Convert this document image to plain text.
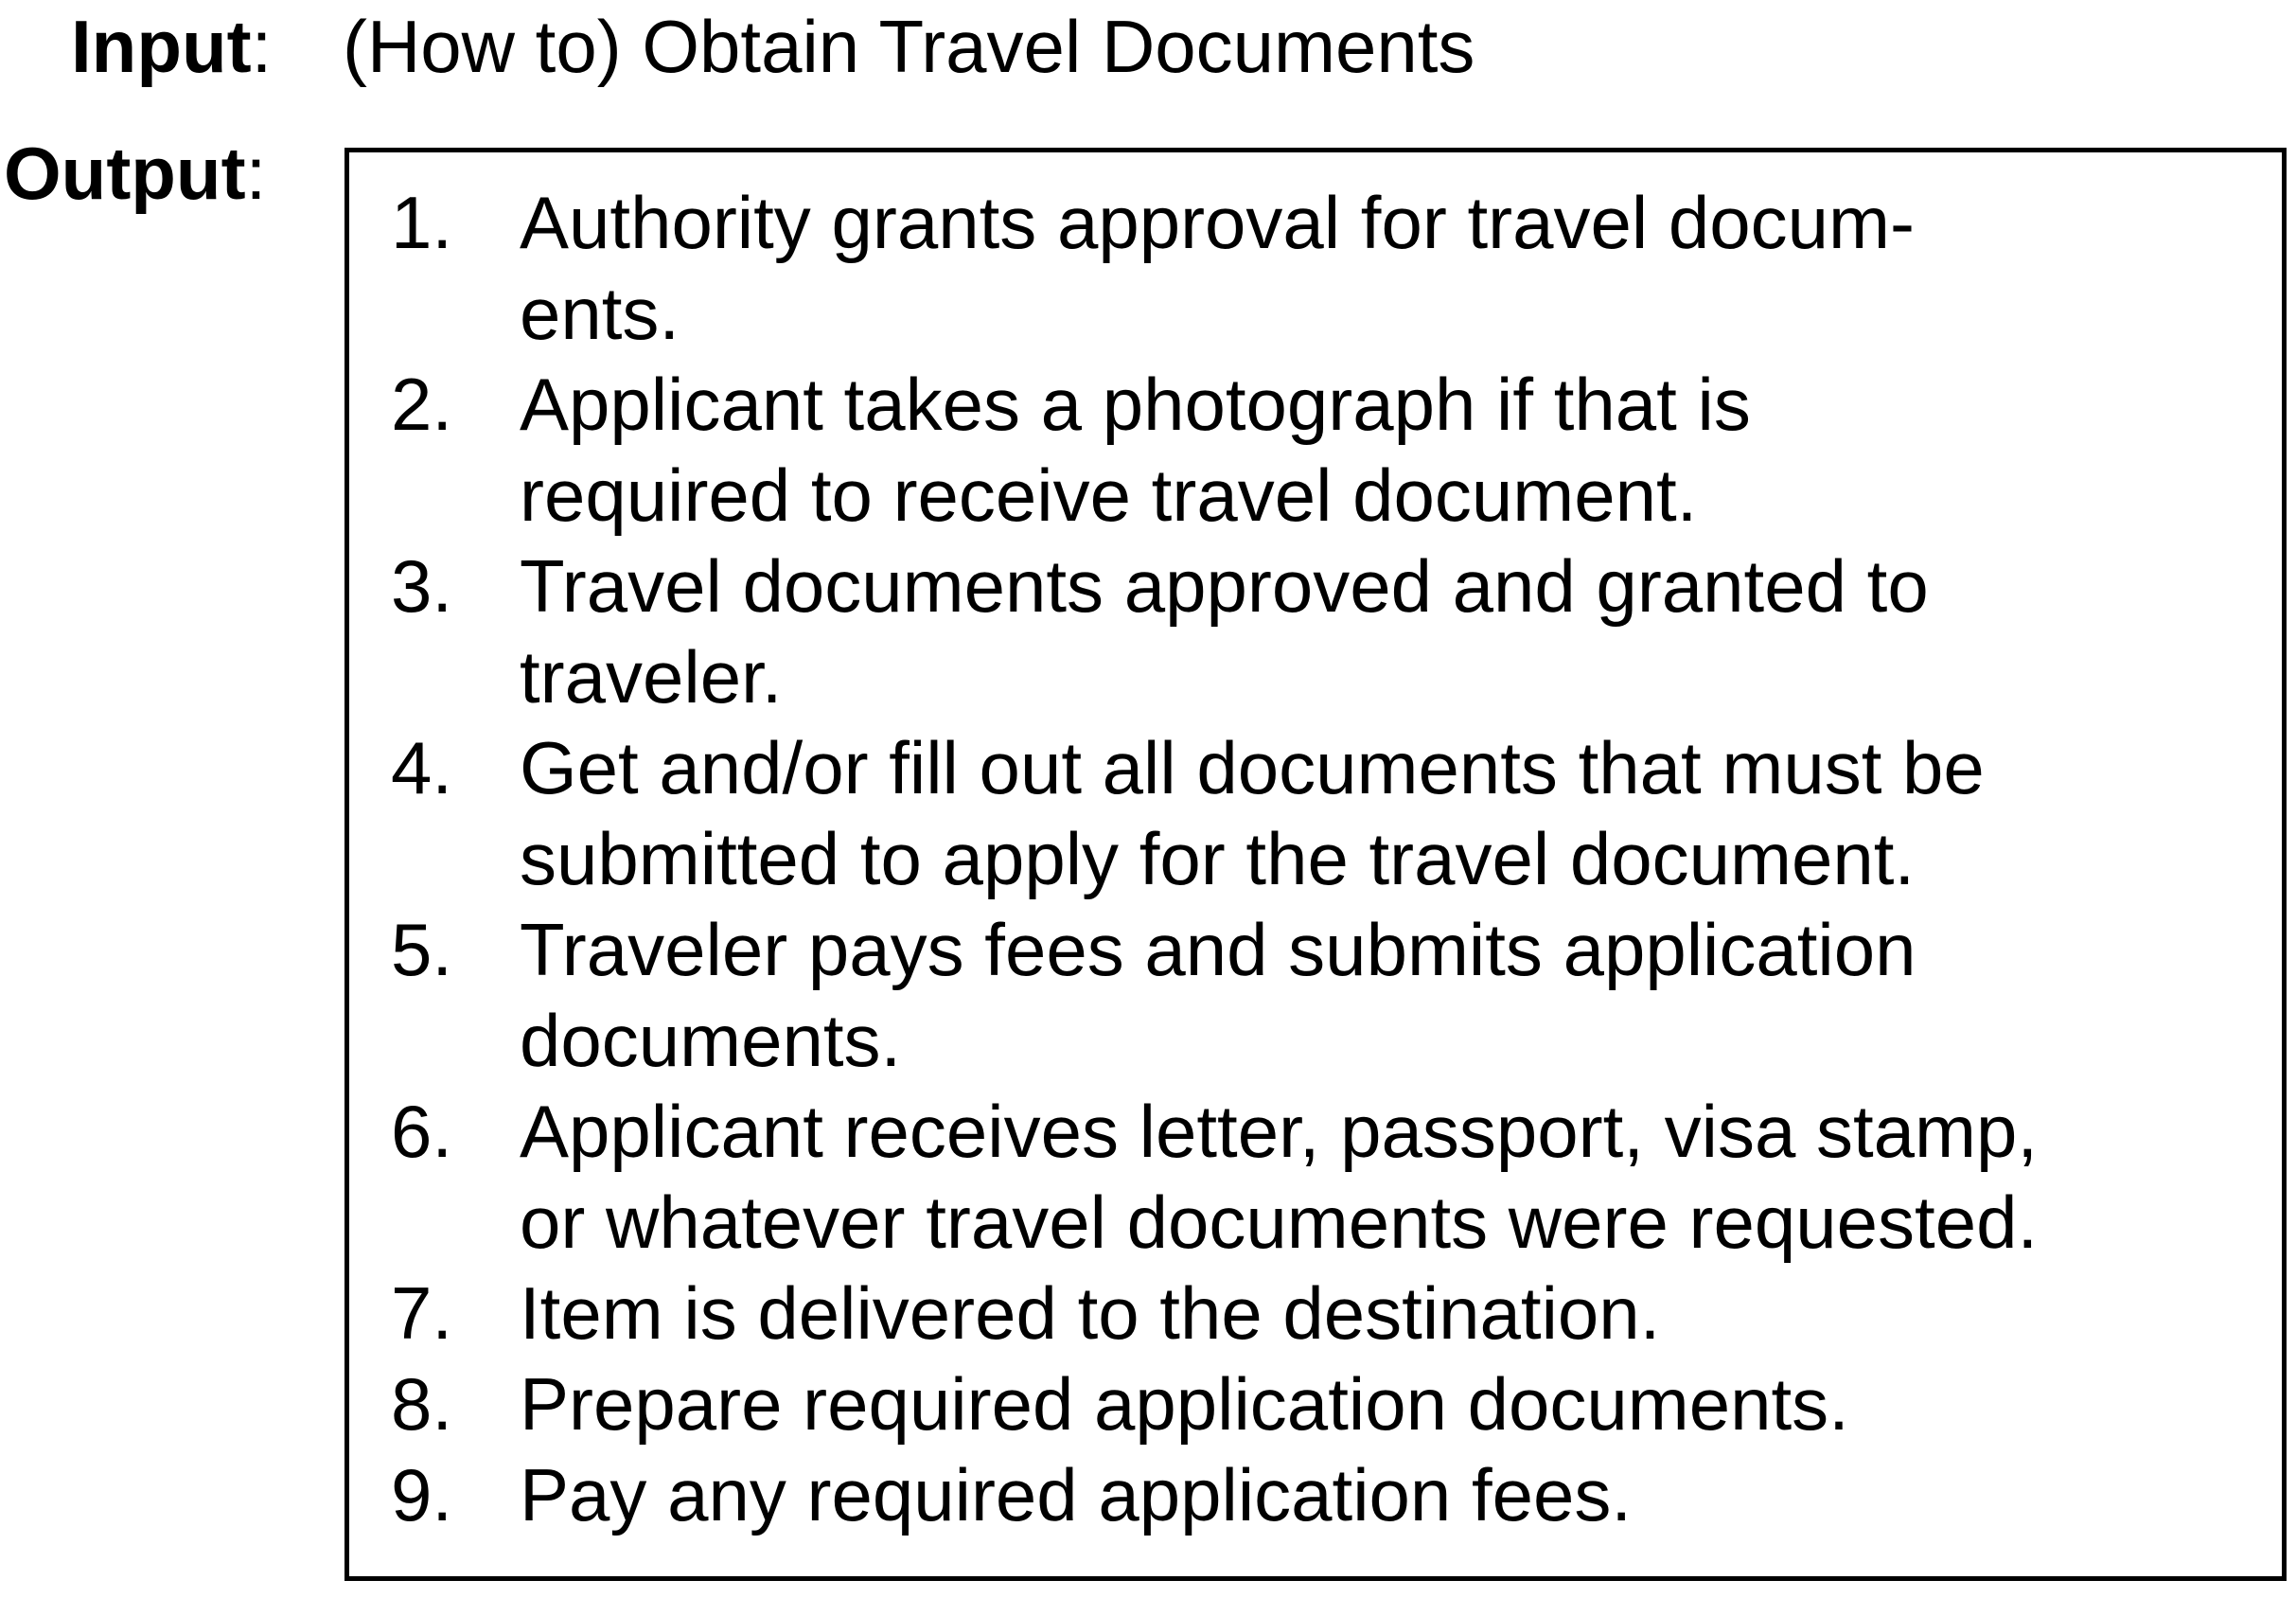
Input: (How to) Obtain Travel Documents
Output:
1. Authority grants approval for travel docum-
ents.
2. Applicant takes a photograph if that is
required to receive travel document.
3. Travel documents approved and granted to
traveler.
4. Get and/or fill out all documents that must be
submitted to apply for the travel document.
5. Traveler pays fees and submits application
documents.
6. Applicant receives letter, passport, visa stamp,
or whatever travel documents were requested.
7. Item is delivered to the destination.
8. Prepare required application documents.
9. Pay any required application fees.
